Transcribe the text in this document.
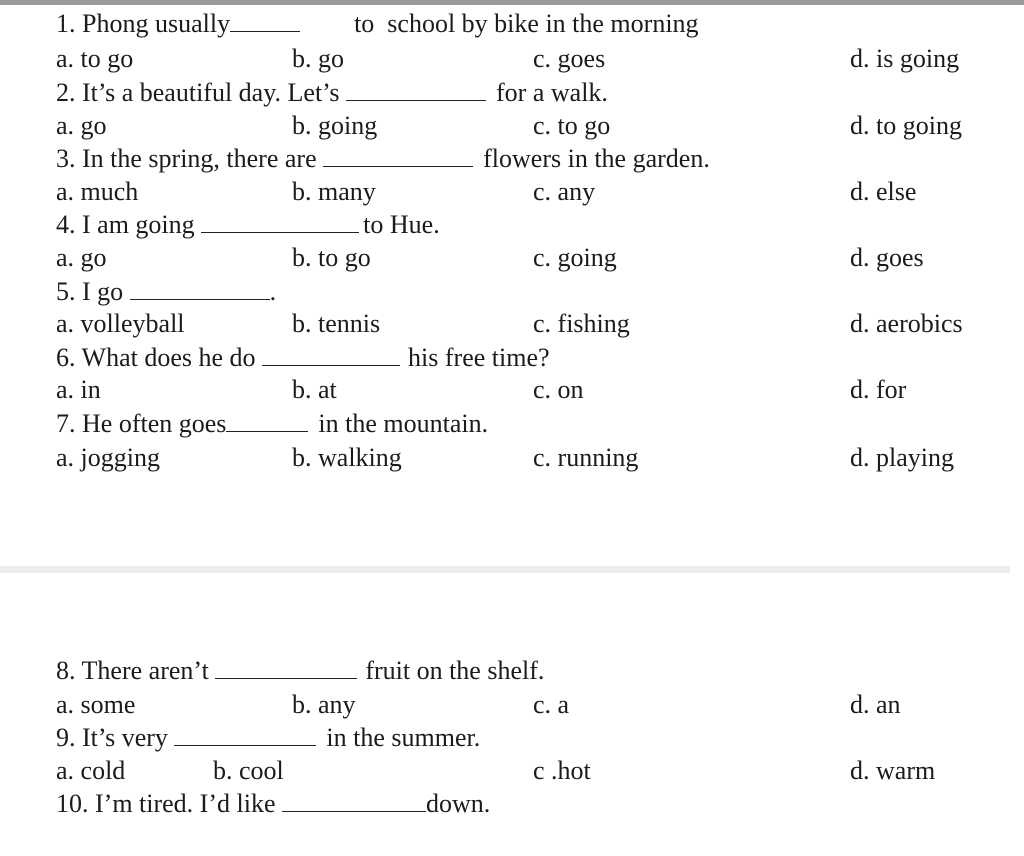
1. Phong usually	to  school by bike in the morning
a. to go	b. go	c. goes	d. is going
2. It’s a beautiful day. Let’s	for a walk.
a. go	b. going	c. to go	d. to going
3. In the spring, there are	flowers in the garden.
a. much	b. many	c. any	d. else
4. I am going	to Hue.
a. go	b. to go	c. going	d. goes
5. I go	.
a. volleyball	b. tennis	c. fishing	d. aerobics
6. What does he do	his free time?
a. in	b. at	c. on	d. for
7. He often goes	in the mountain.
a. jogging	b. walking	c. running	d. playing
8. There aren’t	fruit on the shelf.
a. some	b. any	c. a	d. an
9. It’s very	in the summer.
a. cold	b. cool	c .hot	d. warm
10. I’m tired. I’d like	down.
